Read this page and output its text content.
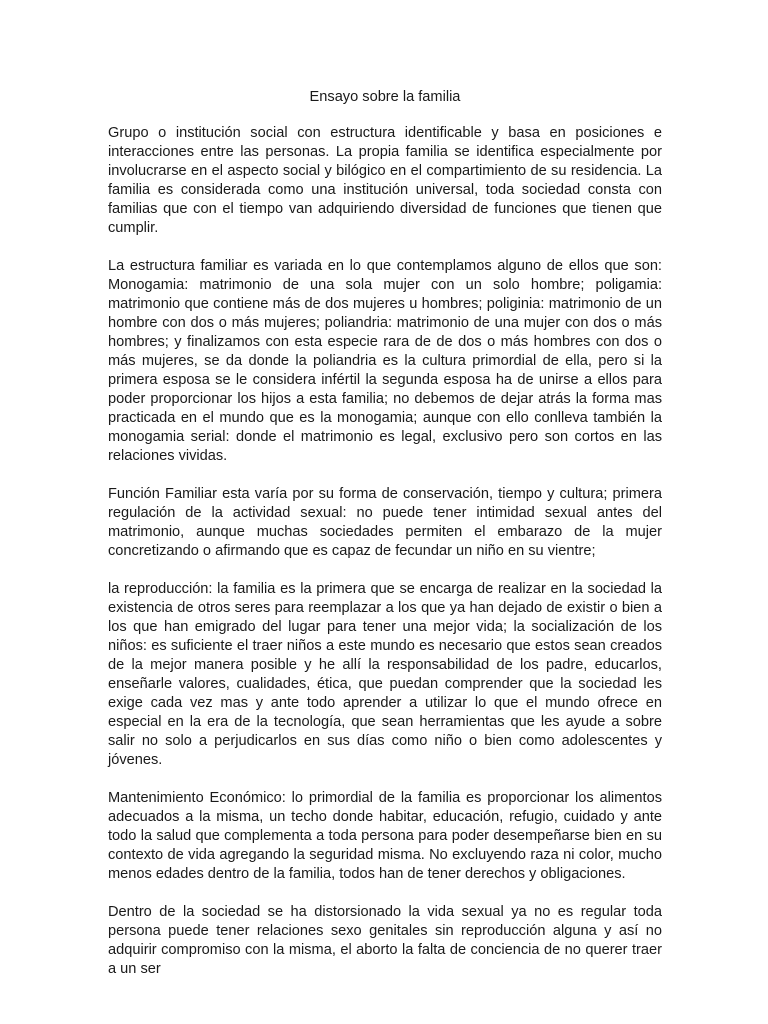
Ensayo sobre la familia

Grupo o institución social con estructura identificable y basa en posiciones e interacciones entre las personas. La propia familia se identifica especialmente por involucrarse en el aspecto social y bilógico en el compartimiento de su residencia. La familia es considerada como una institución universal, toda sociedad consta con familias que con el tiempo van adquiriendo diversidad de funciones que tienen que cumplir.

La estructura familiar es variada en lo que contemplamos alguno de ellos que son: Monogamia: matrimonio de una sola mujer con un solo hombre; poligamia: matrimonio que contiene más de dos mujeres u hombres; poliginia: matrimonio de un hombre con dos o más mujeres; poliandria: matrimonio de una mujer con dos o más hombres; y finalizamos con esta especie rara de de dos o más hombres con dos o más mujeres, se da donde la poliandria es la cultura primordial de ella, pero si la primera esposa se le considera infértil la segunda esposa ha de unirse a ellos para poder proporcionar los hijos a esta familia; no debemos de dejar atrás la forma mas practicada en el mundo que es la monogamia; aunque con ello conlleva también la monogamia serial: donde el matrimonio es legal, exclusivo pero son cortos en las relaciones vividas.

Función Familiar esta varía por su forma de conservación, tiempo y cultura; primera regulación de la actividad sexual: no puede tener intimidad sexual antes del matrimonio, aunque muchas sociedades permiten el embarazo de la mujer concretizando o afirmando que es capaz de fecundar un niño en su vientre;

la reproducción: la familia es la primera que se encarga de realizar en la sociedad la existencia de otros seres para reemplazar a los que ya han dejado de existir o bien a los que han emigrado del lugar para tener una mejor vida; la socialización de los niños: es suficiente el traer niños a este mundo es necesario que estos sean creados de la mejor manera posible y he allí la responsabilidad de los padre, educarlos, enseñarle valores, cualidades, ética, que puedan comprender que la sociedad les exige cada vez mas y ante todo aprender a utilizar lo que el mundo ofrece en especial en la era de la tecnología, que sean herramientas que les ayude a sobre salir no solo a perjudicarlos en sus días como niño o bien como adolescentes y jóvenes.

Mantenimiento Económico: lo primordial de la familia es proporcionar los alimentos adecuados a la misma, un techo donde habitar, educación, refugio, cuidado y ante todo la salud que complementa a toda persona para poder desempeñarse bien en su contexto de vida agregando la seguridad misma. No excluyendo raza ni color, mucho menos edades dentro de la familia, todos han de tener derechos y obligaciones.

Dentro de la sociedad se ha distorsionado la vida sexual ya no es regular toda persona puede tener relaciones sexo genitales sin reproducción alguna y así no adquirir compromiso con la misma, el aborto la falta de conciencia de no querer traer a un ser
